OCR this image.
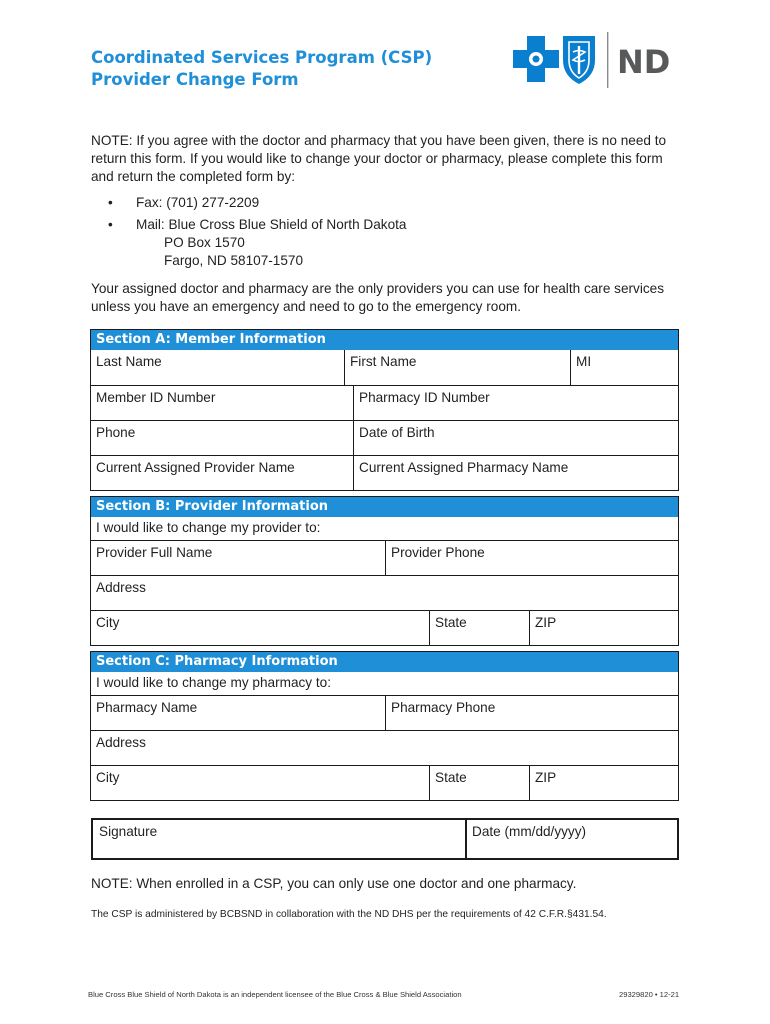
Coordinated Services Program (CSP)
Provider Change Form	ND

NOTE: If you agree with the doctor and pharmacy that you have been given, there is no need to return this form. If you would like to change your doctor or pharmacy, please complete this form and return the completed form by:

• Fax: (701) 277-2209
• Mail: Blue Cross Blue Shield of North Dakota
PO Box 1570
Fargo, ND 58107-1570
Your assigned doctor and pharmacy are the only providers you can use for health care services unless you have an emergency and need to go to the emergency room.
Section A: Member Information
Last Name	First Name	MI
Member ID Number	Pharmacy ID Number
Phone	Date of Birth
Current Assigned Provider Name	Current Assigned Pharmacy Name
Section B: Provider Information
I would like to change my provider to:
Provider Full Name	Provider Phone
Address
City	State	ZIP
Section C: Pharmacy Information
I would like to change my pharmacy to:
Pharmacy Name	Pharmacy Phone
Address
City	State	ZIP
Signature	Date (mm/dd/yyyy)
NOTE: When enrolled in a CSP, you can only use one doctor and one pharmacy.
The CSP is administered by BCBSND in collaboration with the ND DHS per the requirements of 42 C.F.R.§431.54.
Blue Cross Blue Shield of North Dakota is an independent licensee of the Blue Cross & Blue Shield Association	29329820 • 12-21
